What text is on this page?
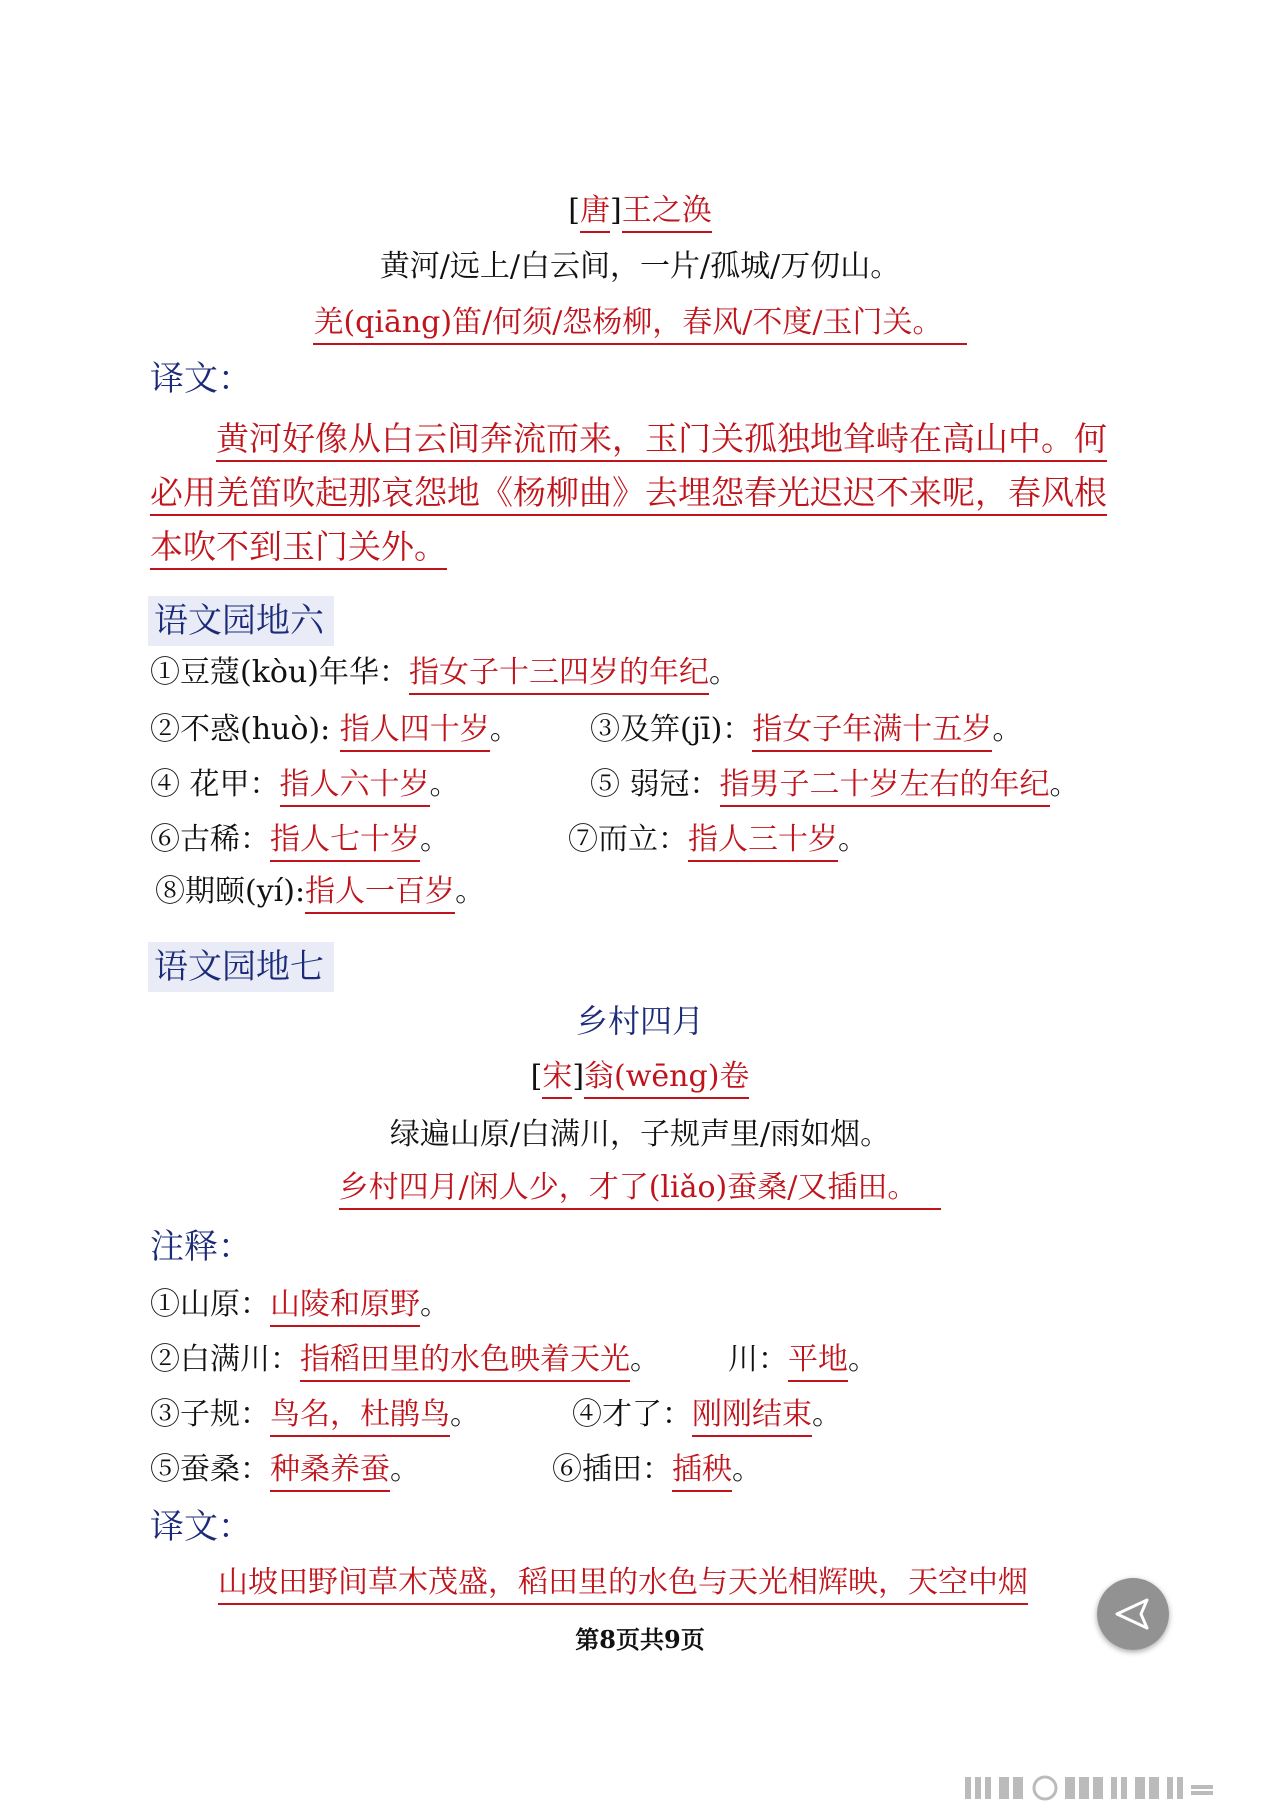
[唐]王之涣
黄河/远上/白云间，一片/孤城/万仞山。
羌(qiāng)笛/何须/怨杨柳，春风/不度/玉门关。
译文：
黄河好像从白云间奔流而来，玉门关孤独地耸峙在高山中。何
必用羌笛吹起那哀怨地《杨柳曲》去埋怨春光迟迟不来呢，春风根
本吹不到玉门关外。
语文园地六
①豆蔻(kòu)年华：指女子十三四岁的年纪。
②不惑(huò): 指人四十岁。 ③及笄(jī)：指女子年满十五岁。
④ 花甲：指人六十岁。	⑤ 弱冠：指男子二十岁左右的年纪。
⑥古稀：指人七十岁。	⑦而立：指人三十岁。
⑧期颐(yí):指人一百岁。
语文园地七
乡村四月
[宋]翁(wēng)卷
绿遍山原/白满川，子规声里/雨如烟。
乡村四月/闲人少，才了(liǎo)蚕桑/又插田。
注释：
①山原：山陵和原野。
②白满川：指稻田里的水色映着天光。 川：平地。
③子规：鸟名，杜鹃鸟。	④才了：刚刚结束。
⑤蚕桑：种桑养蚕。	⑥插田：插秧。
译文：
山坡田野间草木茂盛，稻田里的水色与天光相辉映，天空中烟
第8页共9页
